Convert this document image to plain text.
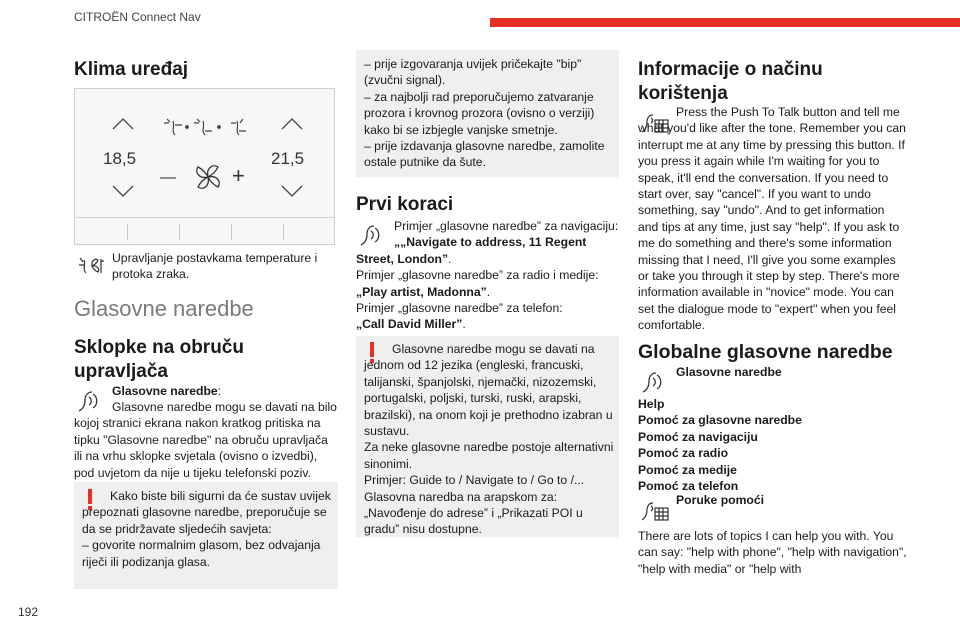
CITROËN Connect Nav
192
Klima uređaj
18,5	21,5
—	+

Upravljanje postavkama temperature i protoka zraka.

Glasovne naredbe
Sklopke na obruču upravljača

Glasovne naredbe:

Glasovne naredbe mogu se davati na bilo kojoj stranici ekrana nakon kratkog pritiska na tipku "Glasovne naredbe" na obruču upravljača ili na vrhu sklopke svjetala (ovisno o izvedbi), pod uvjetom da nije u tijeku telefonski poziv.

Kako biste bili sigurni da će sustav uvijek prepoznati glasovne naredbe, preporučuje se da se pridržavate sljedećih savjeta:
– govorite normalnim glasom, bez odvajanja riječi ili podizanja glasa.

– prije izgovaranja uvijek pričekajte "bip" (zvučni signal).
– za najbolji rad preporučujemo zatvaranje prozora i krovnog prozora (ovisno o verziji) kako bi se izbjegle vanjske smetnje.
– prije izdavanja glasovne naredbe, zamolite ostale putnike da šute.

Prvi koraci
Primjer „glasovne naredbe” za navigaciju:
„„Navigate to address, 11 Regent Street, London”.
Primjer „glasovne naredbe” za radio i medije:
„Play artist, Madonna”.
Primjer „glasovne naredbe” za telefon:
„Call David Miller”.

Glasovne naredbe mogu se davati na jednom od 12 jezika (engleski, francuski, talijanski, španjolski, njemački, nizozemski, portugalski, poljski, turski, ruski, arapski, brazilski), na onom koji je prethodno izabran u sustavu.
Za neke glasovne naredbe postoje alternativni sinonimi.
Primjer: Guide to / Navigate to / Go to /...
Glasovna naredba na arapskom za: „Navođenje do adrese” i „Prikazati POI u gradu” nisu dostupne.

Informacije o načinu korištenja

Press the Push To Talk button and tell me what you'd like after the tone. Remember you can interrupt me at any time by pressing this button. If you press it again while I'm waiting for you to speak, it'll end the conversation. If you need to start over, say "cancel". If you want to undo something, say "undo". And to get information and tips at any time, just say "help". If you ask to me do something and there's some information missing that I need, I'll give you some examples or take you through it step by step. There's more information available in "novice" mode. You can set the dialogue mode to "expert" when you feel comfortable.

Globalne glasovne naredbe

Glasovne naredbe

Help
Pomoć za glasovne naredbe
Pomoć za navigaciju
Pomoć za radio
Pomoć za medije
Pomoć za telefon

Poruke pomoći

There are lots of topics I can help you with. You can say: "help with phone", "help with navigation", "help with media" or "help with
